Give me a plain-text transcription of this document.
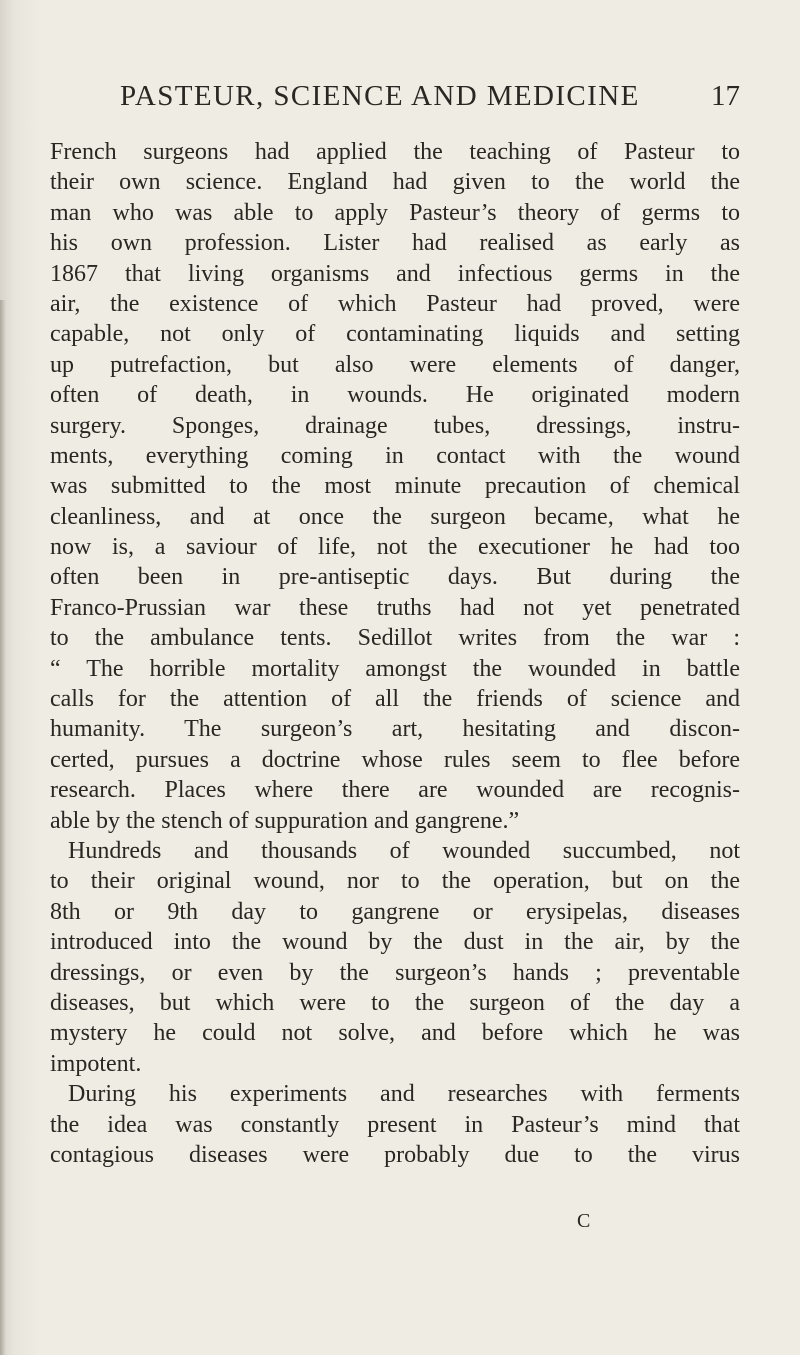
PASTEUR, SCIENCE AND MEDICINE 17
French surgeons had applied the teaching of Pasteur to
their own science. England had given to the world the
man who was able to apply Pasteur’s theory of germs to
his own profession. Lister had realised as early as
1867 that living organisms and infectious germs in the
air, the existence of which Pasteur had proved, were
capable, not only of contaminating liquids and setting
up putrefaction, but also were elements of danger,
often of death, in wounds. He originated modern
surgery. Sponges, drainage tubes, dressings, instru-
ments, everything coming in contact with the wound
was submitted to the most minute precaution of chemical
cleanliness, and at once the surgeon became, what he
now is, a saviour of life, not the executioner he had too
often been in pre-antiseptic days. But during the
Franco-Prussian war these truths had not yet penetrated
to the ambulance tents. Sedillot writes from the war :
“ The horrible mortality amongst the wounded in battle
calls for the attention of all the friends of science and
humanity. The surgeon’s art, hesitating and discon-
certed, pursues a doctrine whose rules seem to flee before
research. Places where there are wounded are recognis-
able by the stench of suppuration and gangrene.”
Hundreds and thousands of wounded succumbed, not
to their original wound, nor to the operation, but on the
8th or 9th day to gangrene or erysipelas, diseases
introduced into the wound by the dust in the air, by the
dressings, or even by the surgeon’s hands ; preventable
diseases, but which were to the surgeon of the day a
mystery he could not solve, and before which he was
impotent.
During his experiments and researches with ferments
the idea was constantly present in Pasteur’s mind that
contagious diseases were probably due to the virus
C
